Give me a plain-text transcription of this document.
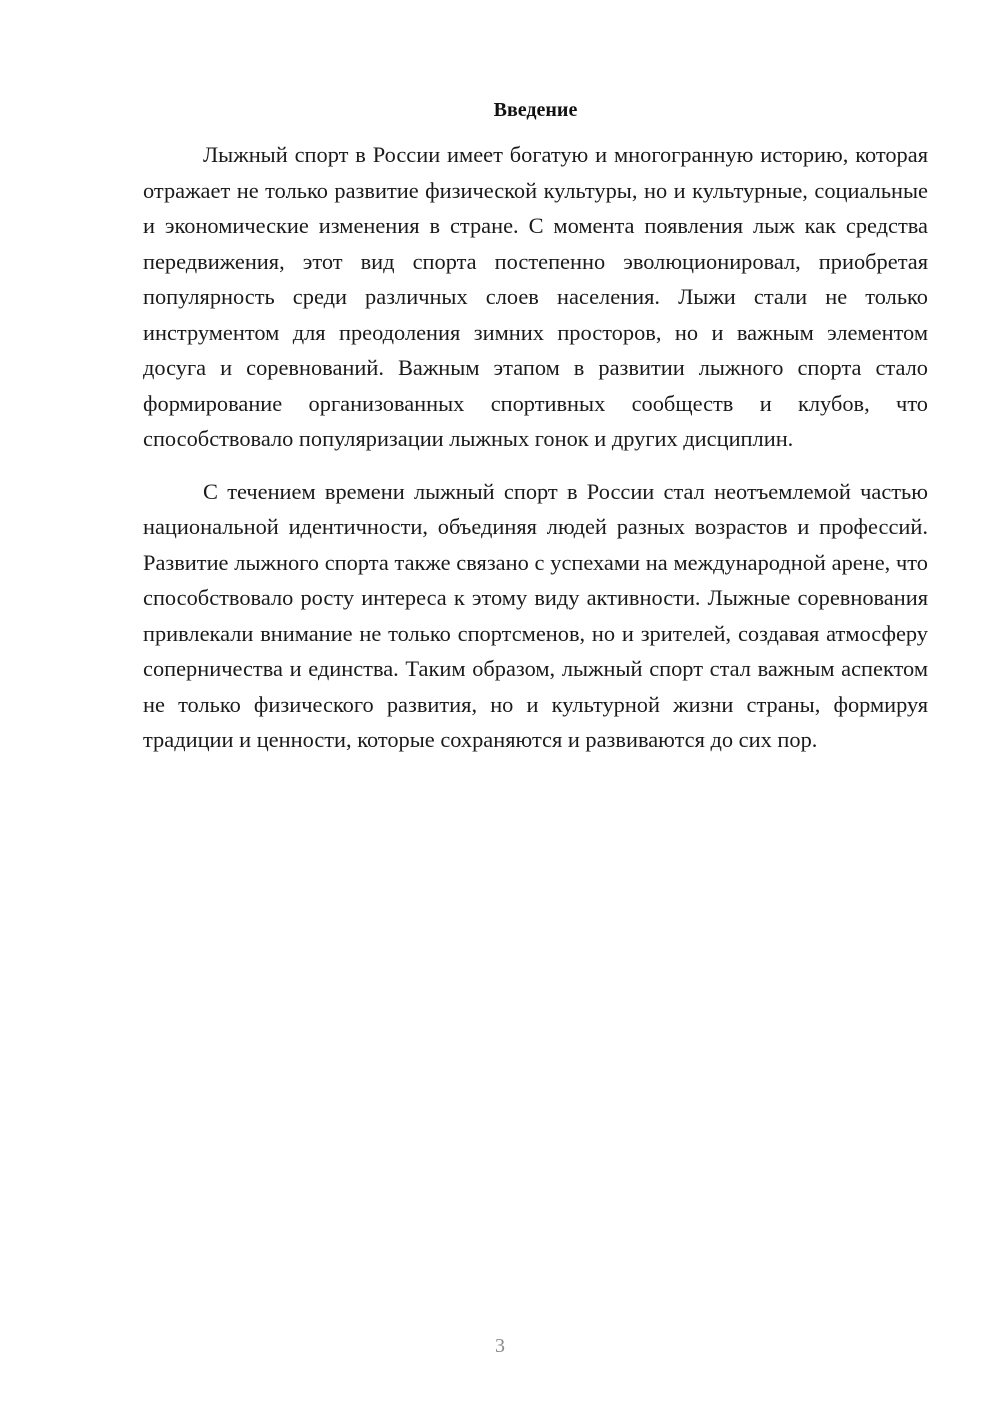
Введение

Лыжный спорт в России имеет богатую и многогранную историю, которая отражает не только развитие физической культуры, но и культурные, социальные и экономические изменения в стране. С момента появления лыж как средства передвижения, этот вид спорта постепенно эволюционировал, приобретая популярность среди различных слоев населения. Лыжи стали не только инструментом для преодоления зимних просторов, но и важным элементом досуга и соревнований. Важным этапом в развитии лыжного спорта стало формирование организованных спортивных сообществ и клубов, что способствовало популяризации лыжных гонок и других дисциплин.

С течением времени лыжный спорт в России стал неотъемлемой частью национальной идентичности, объединяя людей разных возрастов и профессий. Развитие лыжного спорта также связано с успехами на международной арене, что способствовало росту интереса к этому виду активности. Лыжные соревнования привлекали внимание не только спортсменов, но и зрителей, создавая атмосферу соперничества и единства. Таким образом, лыжный спорт стал важным аспектом не только физического развития, но и культурной жизни страны, формируя традиции и ценности, которые сохраняются и развиваются до сих пор.

3
